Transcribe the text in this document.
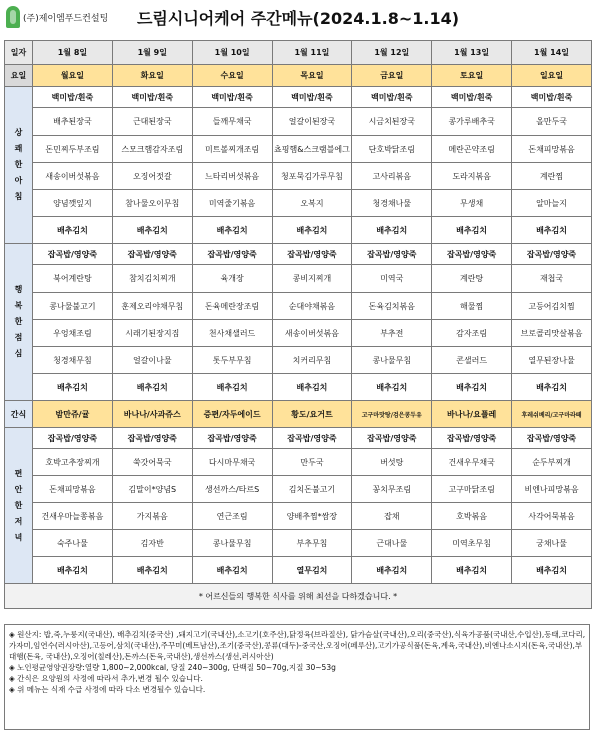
(주)제이엠푸드컨설팅	드림시니어케어 주간메뉴(2024.1.8~1.14)
일자	1월 8일	1월 9일	1월 10일	1월 11일	1월 12일	1월 13일	1월 14일
요일	월요일	화요일	수요일	목요일	금요일	토요일	일요일

상
쾌
한
아
침	백미밥/흰죽	백미밥/흰죽	백미밥/흰죽	백미밥/흰죽	백미밥/흰죽	백미밥/흰죽	백미밥/흰죽
	배추된장국	근대된장국	들깨무채국	얼갈이된장국	시금치된장국	콩가루배추국	올만두국
	돈민찌두부조림	스모크햄감자조림	미트볼찌개조림	쵸핑햄&스크램블에그	단호박닭조림	메란곤약조림	돈채피망볶음
	새송이버섯볶음	오징어젓갈	느타리버섯볶음	청포묵김가루무침	고사리볶음	도라지볶음	계란찜
	양념깻잎지	참나물오이무침	미역줄기볶음	오복지	청경채나물	무생채	알마늘지
	배추김치	배추김치	배추김치	배추김치	배추김치	배추김치	배추김치

행
복
한
점
심	잡곡밥/영양죽	잡곡밥/영양죽	잡곡밥/영양죽	잡곡밥/영양죽	잡곡밥/영양죽	잡곡밥/영양죽	잡곡밥/영양죽
	북어계란탕	참치김치찌개	육개장	콩비지찌개	미역국	계란탕	재첩국
	콩나물불고기	훈제오리야채무침	돈육메란장조림	순대야채볶음	돈육김치볶음	해물찜	고등어김치찜
	우엉채조림	시래기된장지짐	천사채샐러드	새송이버섯볶음	부추전	감자조림	브로콜리맛살볶음
	청경채무침	얼갈이나물	톳두부무침	치커리무침	콩나물무침	콘샐러드	열무된장나물
	배추김치	배추김치	배추김치	배추김치	배추김치	배추김치	배추김치
간식	밤만쥬/귤	바나나/사과쥬스	증편/자두에이드	황도/요거트	고구마맛탕/검은콩두유	바나나/요플레	후레쉬베리/고구마라떼

편
안
한
저
녁	잡곡밥/영양죽	잡곡밥/영양죽	잡곡밥/영양죽	잡곡밥/영양죽	잡곡밥/영양죽	잡곡밥/영양죽	잡곡밥/영양죽
	호박고추장찌개	쑥갓어묵국	다시마무채국	만두국	버섯탕	건새우무채국	순두부찌개
	돈채피망볶음	김말이*양념S	생선까스/타르S	김치돈불고기	꽁치무조림	고구마닭조림	비엔나피망볶음
	건새우마늘쫑볶음	가지볶음	연근조림	양배추찜*쌈장	잡채	호박볶음	사각어묵볶음
	숙주나물	김자반	콩나물무침	부추무침	근대나물	미역초무침	궁채나물
	배추김치	배추김치	배추김치	열무김치	배추김치	배추김치	배추김치
* 어르신들의 행복한 식사를 위해 최선을 다하겠습니다. *							

◈ 원산지: 밥,죽,누룽지(국내산), 배추김치(중국산) ,돼지고기(국내산),소고기(호주산),닭정육(브라질산), 닭가슴살(국내산),오리(중국산),식육가공품(국내산,수입산),동태,코다리,가자미,임연수(러시아산),고등어,삼치(국내산),주꾸미(베트남산),조기(중국산),콩류(대두)-중국산,오징어(페루산),고기가공식품(돈육,계육,국내산),비엔나소시지(돈육,국내산),부대햄(돈육, 국내산),오징어(칠레산),돈까스(돈육,국내산),생선까스(생선,러시아산)

◈ 노인평균영양권장량:열량 1,800~2,000kcal, 당질 240~300g, 단백질 50~70g,지질 30~53g

◈ 간식은 요양원의 사정에 따라서 추가,변경 될수 있습니다.

◈ 위 메뉴는 식재 수급 사정에 따라 다소 변경될수 있습니다.
